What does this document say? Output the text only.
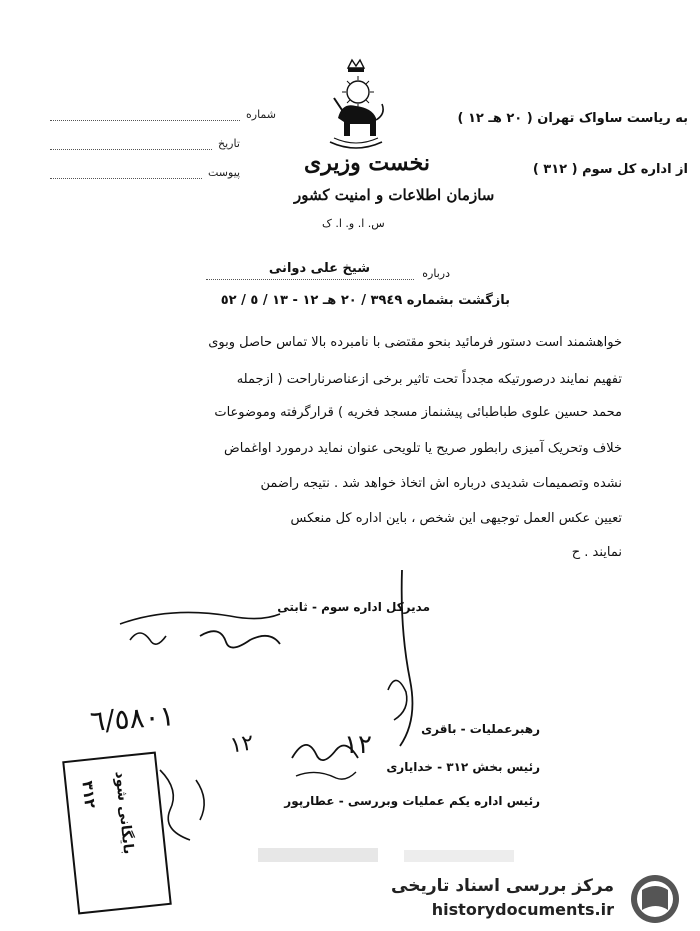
شماره
تاریخ
پیوست	نخست وزیری
سازمان اطلاعات و امنیت کشور
س. ا. و. ا. ک
به ریاست ساواک تهران ( ٢٠ هـ ١٢ )
از اداره کل سوم ( ٣١٢ )
درباره
شیخ علی دوانی
بازگشت بشماره ٣٩٤٩ / ٢٠ هـ ١٢ - ١٣ / ٥ / ٥٢
خواهشمند است دستور فرمائید بنحو مقتضی با نامبرده بالا تماس حاصل وبوی
تفهیم نمایند درصورتیکه مجدداً تحت تاثیر برخی ازعناصرناراحت ( ازجمله
محمد حسین علوی طباطبائی پیشنماز مسجد فخریه ) قرارگرفته وموضوعات
خلاف وتحریک آمیزی رابطور صریح یا تلویحی عنوان نماید درمورد اواغماض
نشده وتصمیمات شدیدی درباره اش اتخاذ خواهد شد . نتیجه راضمن
تعیین عکس العمل توجیهی این شخص ، باین اداره کل منعکس
نمایند . ح
مدیرکل اداره سوم - ثابتی
رهبرعملیات - باقری
رئیس بخش ٣١٢ - خدایاری
رئیس اداره یکم عملیات وبررسی - عطارپور
١٢
٦/٥٨٠١
١٢
٣١٢ بایگانی شود
مرکز بررسی اسناد تاریخی
historydocuments.ir
